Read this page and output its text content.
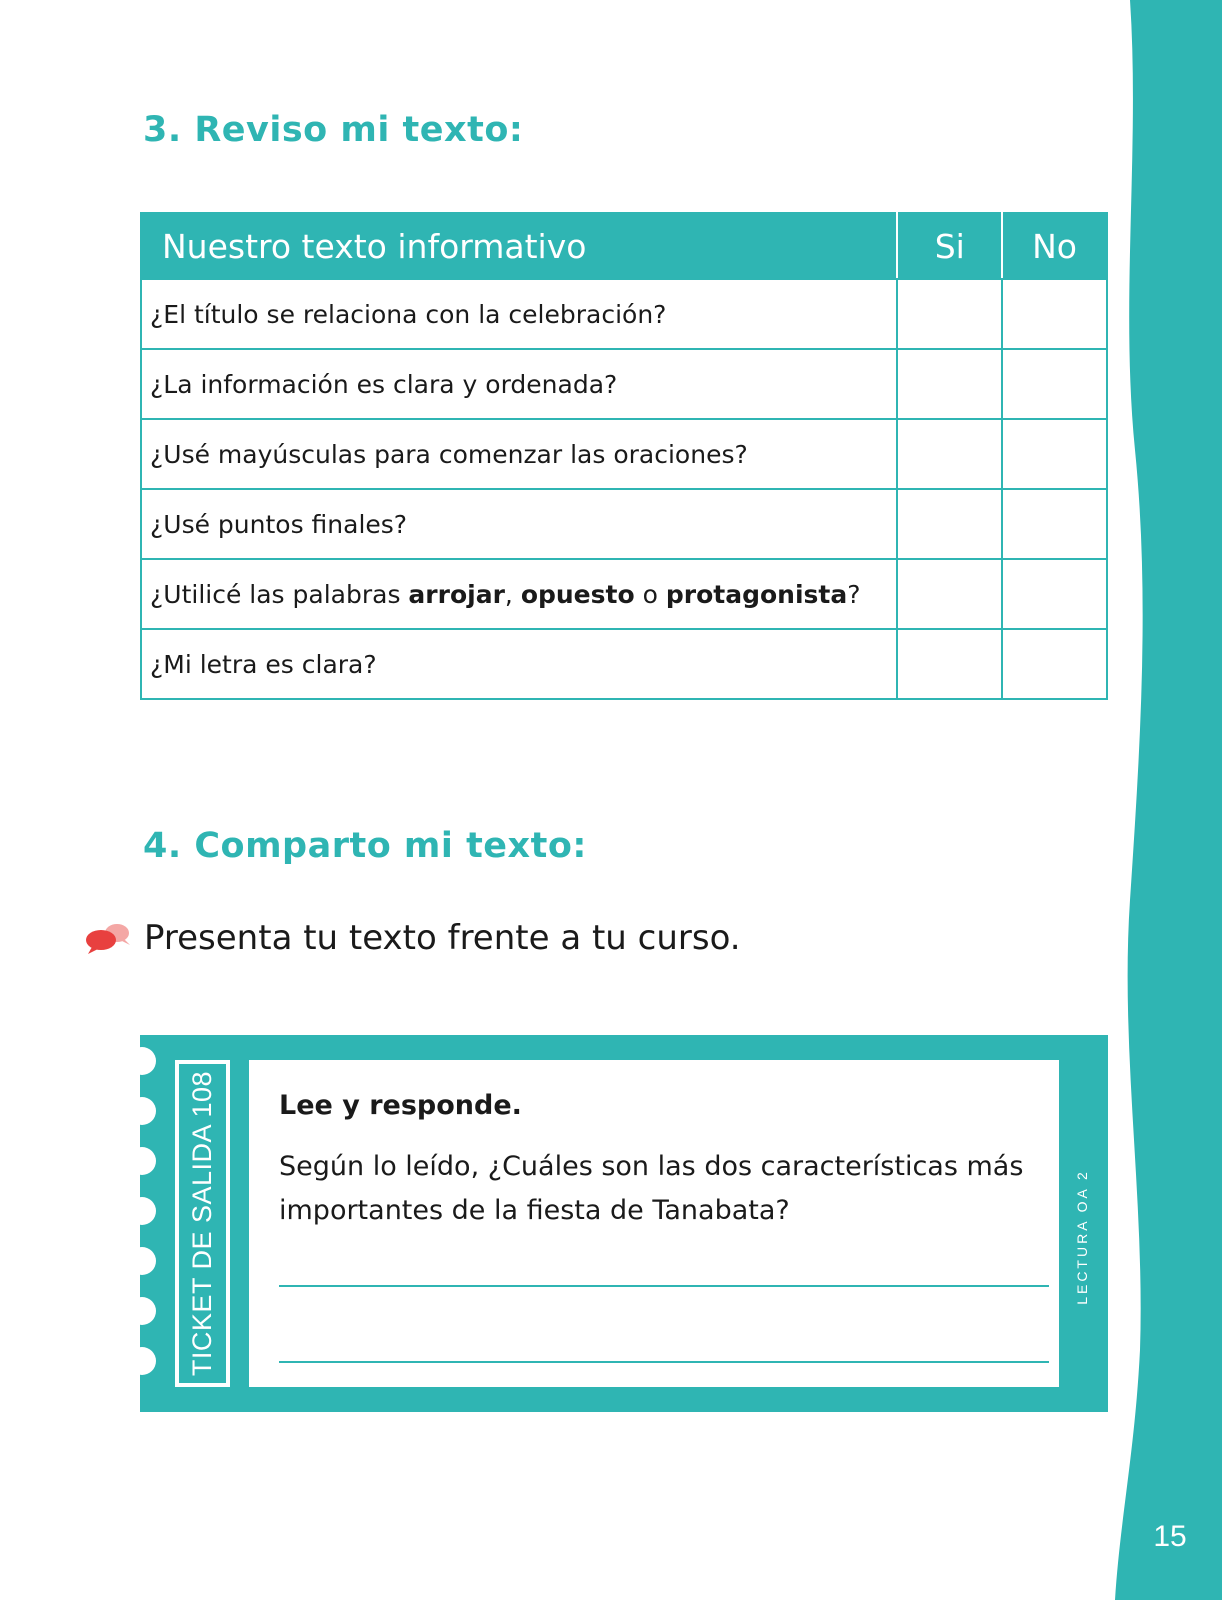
15
3. Reviso mi texto:
Nuestro texto informativo	Si	No
¿El título se relaciona con la celebración?		
¿La información es clara y ordenada?		
¿Usé mayúsculas para comenzar las oraciones?		
¿Usé puntos finales?		
¿Utilicé las palabras arrojar, opuesto o protagonista?		
¿Mi letra es clara?		
4. Comparto mi texto:
Presenta tu texto frente a tu curso.
TICKET DE SALIDA 108 Lee y responde.
Según lo leído, ¿Cuáles son las dos características más importantes de la fiesta de Tanabata?	LECTURA OA 2
